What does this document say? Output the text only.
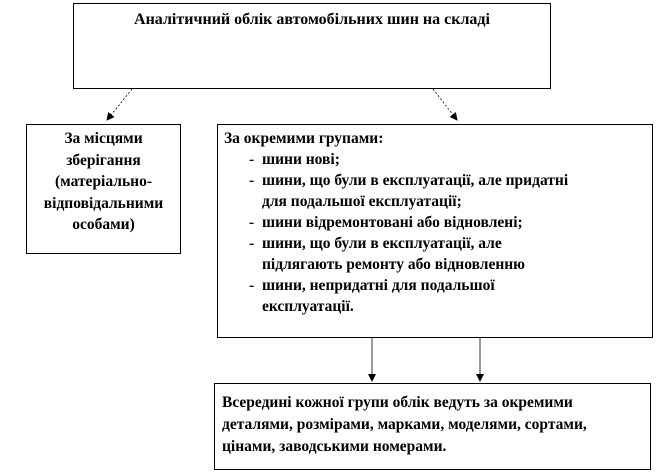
Аналітичний облік автомобільних шин на складі
За місцями
зберігання
(матеріально-
відповідальними
особами)
За окремими групами:
- шини нові;
- шини, що були в експлуатації, але придатні
для подальшої експлуатації;
- шини відремонтовані або відновлені;
- шини, що були в експлуатації, але
підлягають ремонту або відновленню
- шини, непридатні для подальшої
експлуатації.
Всередині кожної групи облік ведуть за окремими
деталями, розмірами, марками, моделями, сортами,
цінами, заводськими номерами.
